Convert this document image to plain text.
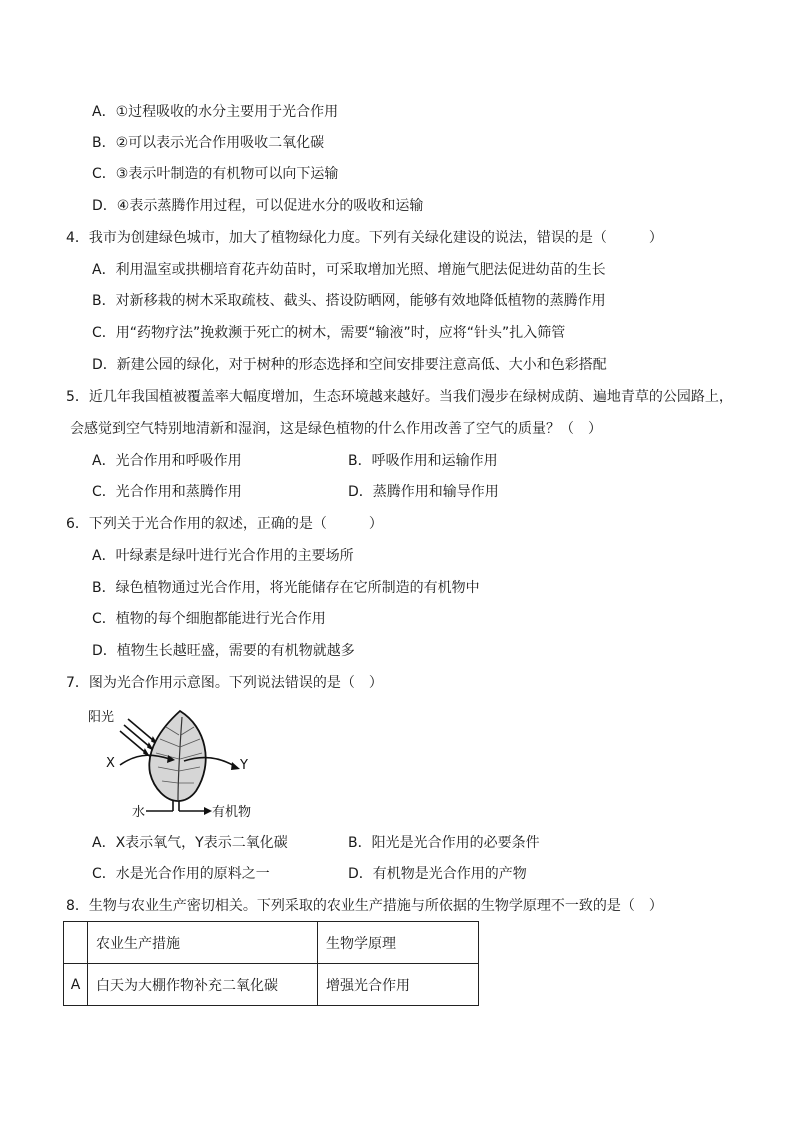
A．①过程吸收的水分主要用于光合作用
B．②可以表示光合作用吸收二氧化碳
C．③表示叶制造的有机物可以向下运输
D．④表示蒸腾作用过程，可以促进水分的吸收和运输
4．我市为创建绿色城市，加大了植物绿化力度。下列有关绿化建设的说法，错误的是（　　　）
A．利用温室或拱棚培育花卉幼苗时，可采取增加光照、增施气肥法促进幼苗的生长
B．对新移栽的树木采取疏枝、截头、搭设防晒网，能够有效地降低植物的蒸腾作用
C．用“药物疗法”挽救濒于死亡的树木，需要“输液”时，应将“针头”扎入筛管
D．新建公园的绿化，对于树种的形态选择和空间安排要注意高低、大小和色彩搭配
5．近几年我国植被覆盖率大幅度增加，生态环境越来越好。当我们漫步在绿树成荫、遍地青草的公园路上，
会感觉到空气特别地清新和湿润，这是绿色植物的什么作用改善了空气的质量？（　）
A．光合作用和呼吸作用	B．呼吸作用和运输作用
C．光合作用和蒸腾作用	D．蒸腾作用和输导作用
6．下列关于光合作用的叙述，正确的是（　　　）
A．叶绿素是绿叶进行光合作用的主要场所
B．绿色植物通过光合作用，将光能储存在它所制造的有机物中
C．植物的每个细胞都能进行光合作用
D．植物生长越旺盛，需要的有机物就越多
7．图为光合作用示意图。下列说法错误的是（　）
阳光
X	Y
水	有机物
A．X表示氧气，Y表示二氧化碳	B．阳光是光合作用的必要条件
C．水是光合作用的原料之一	D．有机物是光合作用的产物
8．生物与农业生产密切相关。下列采取的农业生产措施与所依据的生物学原理不一致的是（　）
	农业生产措施	生物学原理
A	白天为大棚作物补充二氧化碳	增强光合作用
